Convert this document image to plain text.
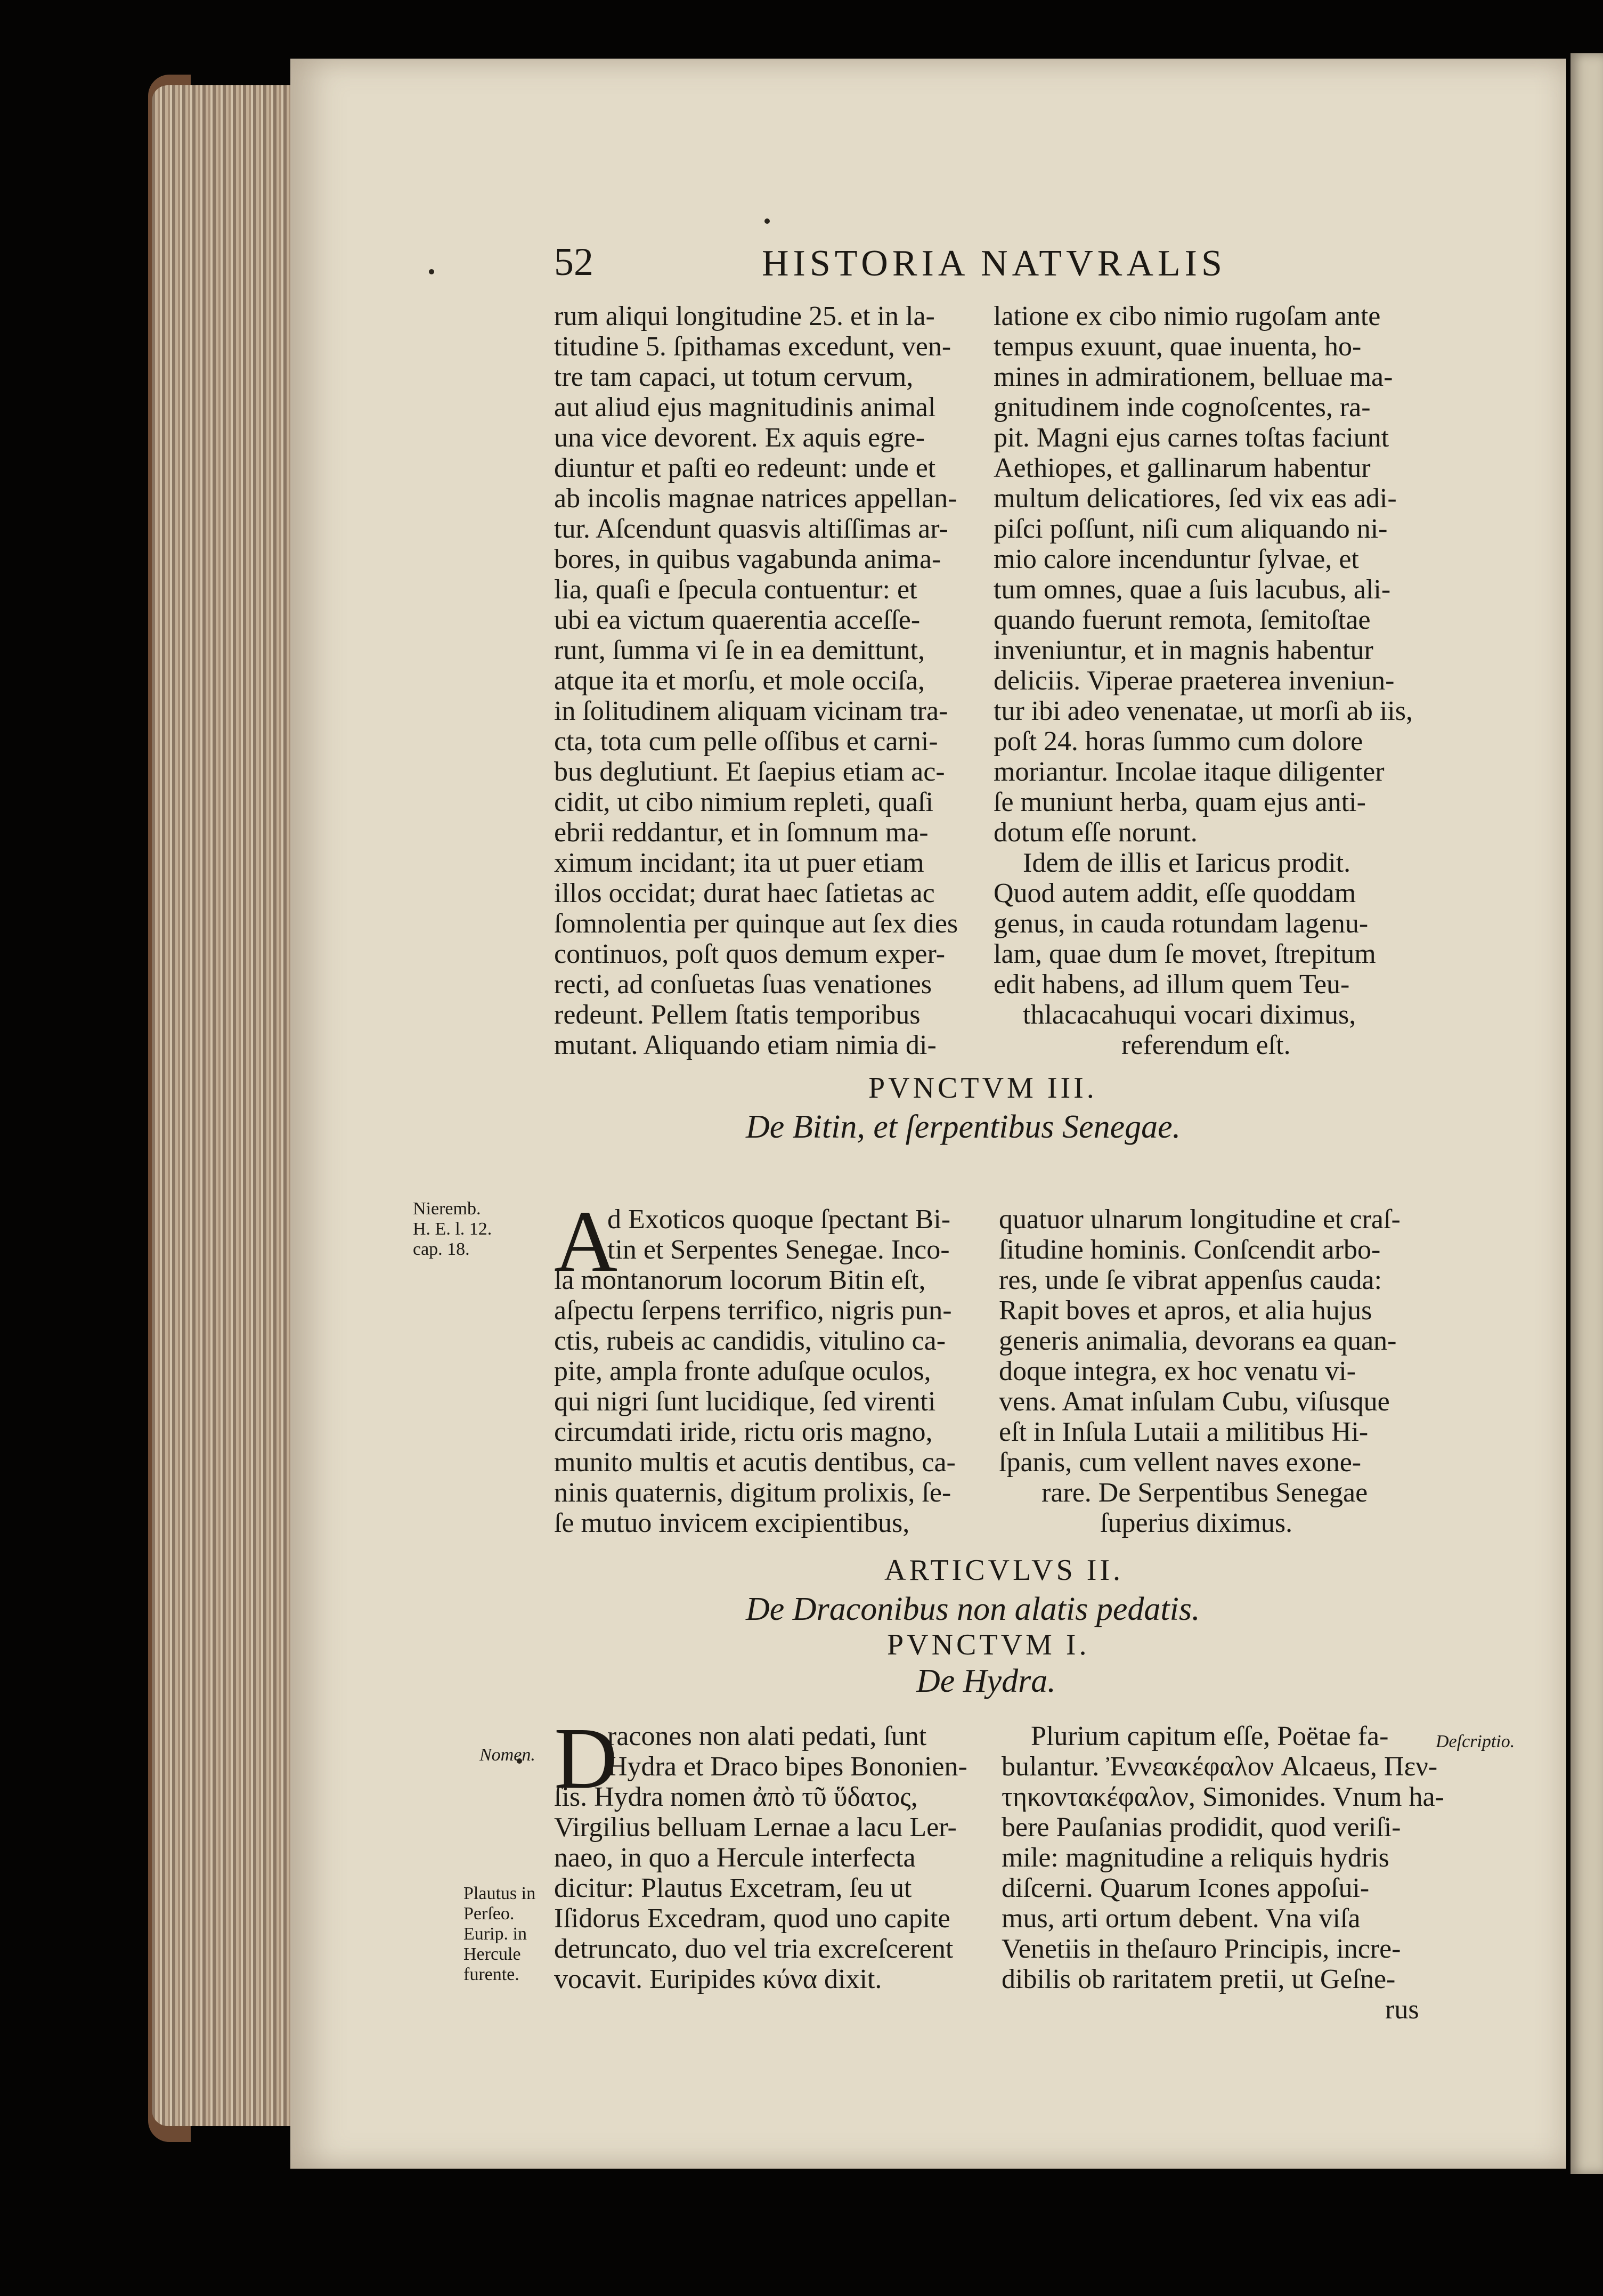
52	HISTORIA NATVRALIS
rum aliqui longitudine 25. et in la-
titudine 5. ſpithamas excedunt, ven-
tre tam capaci, ut totum cervum,
aut aliud ejus magnitudinis animal
una vice devorent. Ex aquis egre-
diuntur et paſti eo redeunt: unde et
ab incolis magnae natrices appellan-
tur. Aſcendunt quasvis altiſſimas ar-
bores, in quibus vagabunda anima-
lia, quaſi e ſpecula contuentur: et
ubi ea victum quaerentia acceſſe-
runt, ſumma vi ſe in ea demittunt,
atque ita et morſu, et mole occiſa,
in ſolitudinem aliquam vicinam tra-
cta, tota cum pelle oſſibus et carni-
bus deglutiunt. Et ſaepius etiam ac-
cidit, ut cibo nimium repleti, quaſi
ebrii reddantur, et in ſomnum ma-
ximum incidant; ita ut puer etiam
illos occidat; durat haec ſatietas ac
ſomnolentia per quinque aut ſex dies
continuos, poſt quos demum exper-
recti, ad conſuetas ſuas venationes
redeunt. Pellem ſtatis temporibus
mutant. Aliquando etiam nimia di-
latione ex cibo nimio rugoſam ante
tempus exuunt, quae inuenta, ho-
mines in admirationem, belluae ma-
gnitudinem inde cognoſcentes, ra-
pit. Magni ejus carnes toſtas faciunt
Aethiopes, et gallinarum habentur
multum delicatiores, ſed vix eas adi-
piſci poſſunt, niſi cum aliquando ni-
mio calore incenduntur ſylvae, et
tum omnes, quae a ſuis lacubus, ali-
quando fuerunt remota, ſemitoſtae
inveniuntur, et in magnis habentur
deliciis. Viperae praeterea inveniun-
tur ibi adeo venenatae, ut morſi ab iis,
poſt 24. horas ſummo cum dolore
moriantur. Incolae itaque diligenter
ſe muniunt herba, quam ejus anti-
dotum eſſe norunt.
Idem de illis et Iaricus prodit.
Quod autem addit, eſſe quoddam
genus, in cauda rotundam lagenu-
lam, quae dum ſe movet, ſtrepitum
edit habens, ad illum quem Teu-
thlacacahuqui vocari diximus,
referendum eſt.
PVNCTVM III.
De Bitin, et ſerpentibus Senegae.
Nieremb.
H. E. l. 12.
cap. 18. A
d Exoticos quoque ſpectant Bi-
tin et Serpentes Senegae. Inco-
la montanorum locorum Bitin eſt,
aſpectu ſerpens terrifico, nigris pun-
ctis, rubeis ac candidis, vitulino ca-
pite, ampla fronte aduſque oculos,
qui nigri ſunt lucidique, ſed virenti
circumdati iride, rictu oris magno,
munito multis et acutis dentibus, ca-
ninis quaternis, digitum prolixis, ſe-
ſe mutuo invicem excipientibus,
quatuor ulnarum longitudine et craſ-
ſitudine hominis. Conſcendit arbo-
res, unde ſe vibrat appenſus cauda:
Rapit boves et apros, et alia hujus
generis animalia, devorans ea quan-
doque integra, ex hoc venatu vi-
vens. Amat inſulam Cubu, viſusque
eſt in Inſula Lutaii a militibus Hi-
ſpanis, cum vellent naves exone-
rare. De Serpentibus Senegae
ſuperius diximus.
ARTICVLVS II.
De Draconibus non alatis pedatis.
PVNCTVM I.
De Hydra.
Nomen.
Plautus in
Perſeo.
Eurip. in
Hercule
furente.
Deſcriptio.
D
racones non alati pedati, ſunt
Hydra et Draco bipes Bononien-
ſis. Hydra nomen ἀπὸ τῦ ὕδατος,
Virgilius belluam Lernae a lacu Ler-
naeo, in quo a Hercule interfecta
dicitur: Plautus Excetram, ſeu ut
Iſidorus Excedram, quod uno capite
detruncato, duo vel tria excreſcerent
vocavit. Euripides κύνα dixit.
Plurium capitum eſſe, Poëtae fa-
bulantur. Ἐννεακέφαλον Alcaeus, Πεν-
τηκοντακέφαλον, Simonides. Vnum ha-
bere Pauſanias prodidit, quod veriſi-
mile: magnitudine a reliquis hydris
diſcerni. Quarum Icones appoſui-
mus, arti ortum debent. Vna viſa
Venetiis in theſauro Principis, incre-
dibilis ob raritatem pretii, ut Geſne-
rus
